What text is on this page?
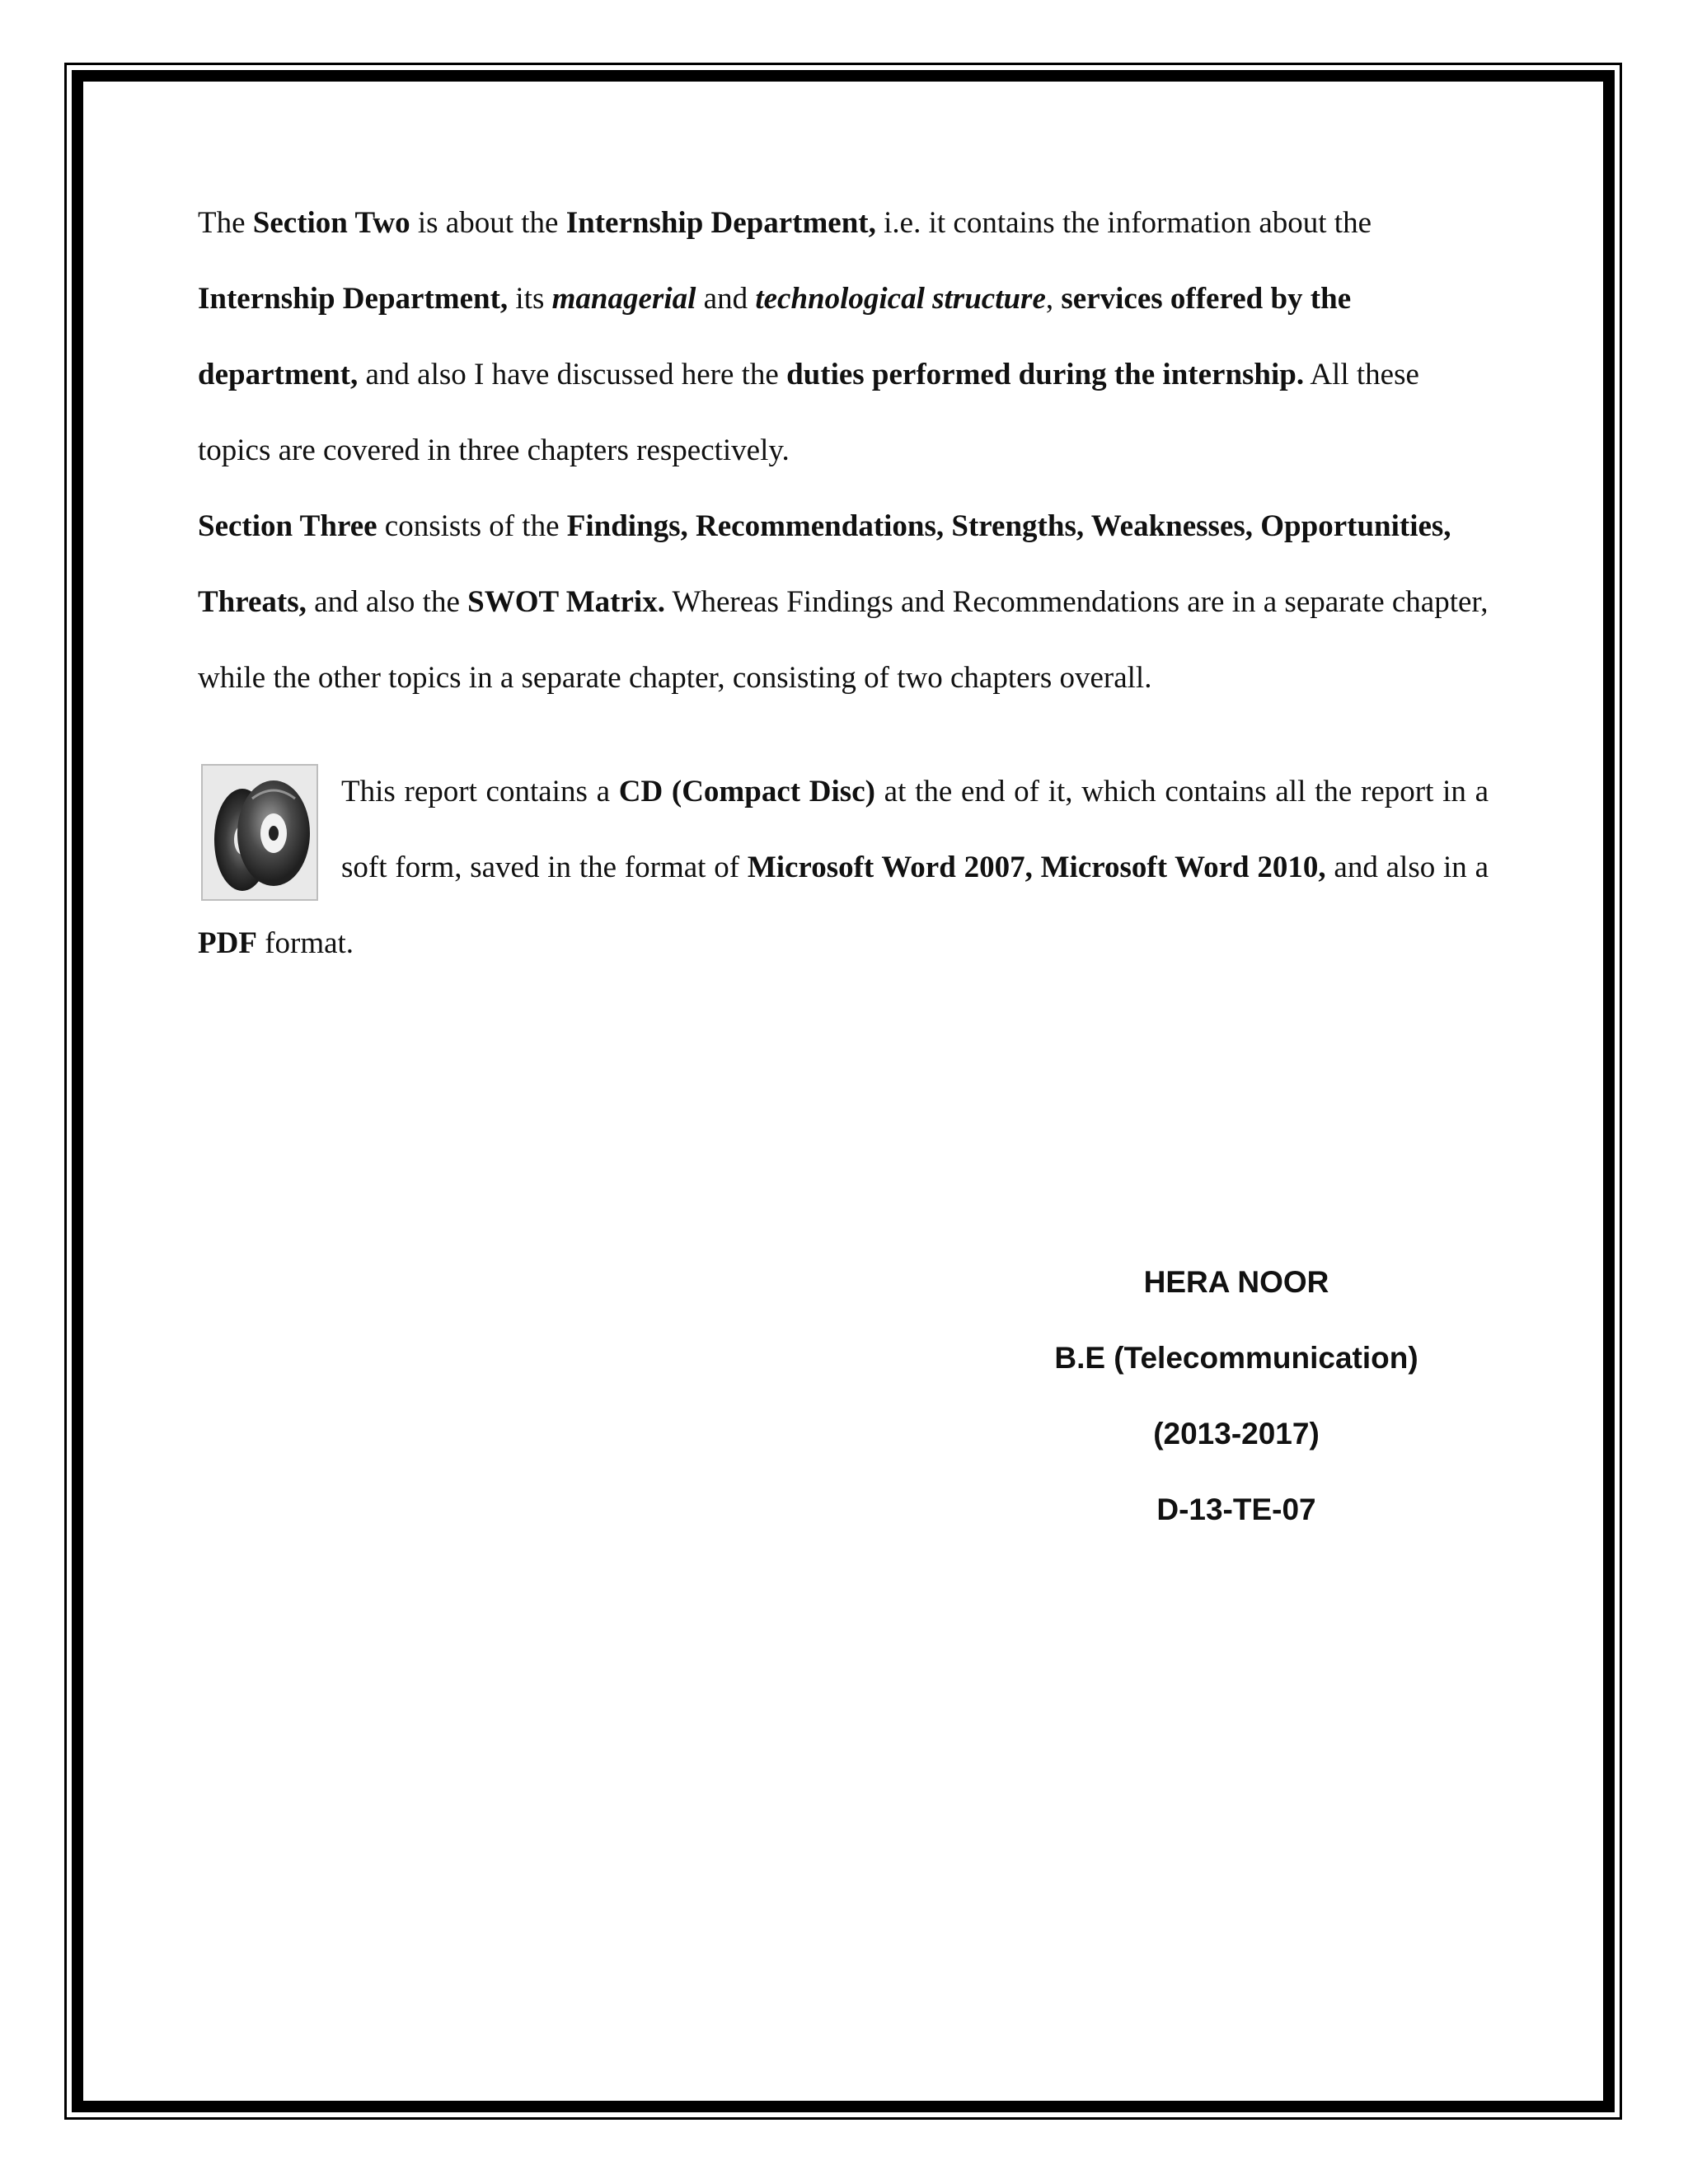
The Section Two is about the Internship Department, i.e. it contains the information about the Internship Department, its managerial and technological structure, services offered by the department, and also I have discussed here the duties performed during the internship. All these topics are covered in three chapters respectively.

Section Three consists of the Findings, Recommendations, Strengths, Weaknesses, Opportunities, Threats, and also the SWOT Matrix. Whereas Findings and Recommendations are in a separate chapter, while the other topics in a separate chapter, consisting of two chapters overall.

This report contains a CD (Compact Disc) at the end of it, which contains all the report in a soft form, saved in the format of Microsoft Word 2007, Microsoft Word 2010, and also in a PDF format.

HERA NOOR
B.E (Telecommunication)
(2013-2017)
D-13-TE-07
